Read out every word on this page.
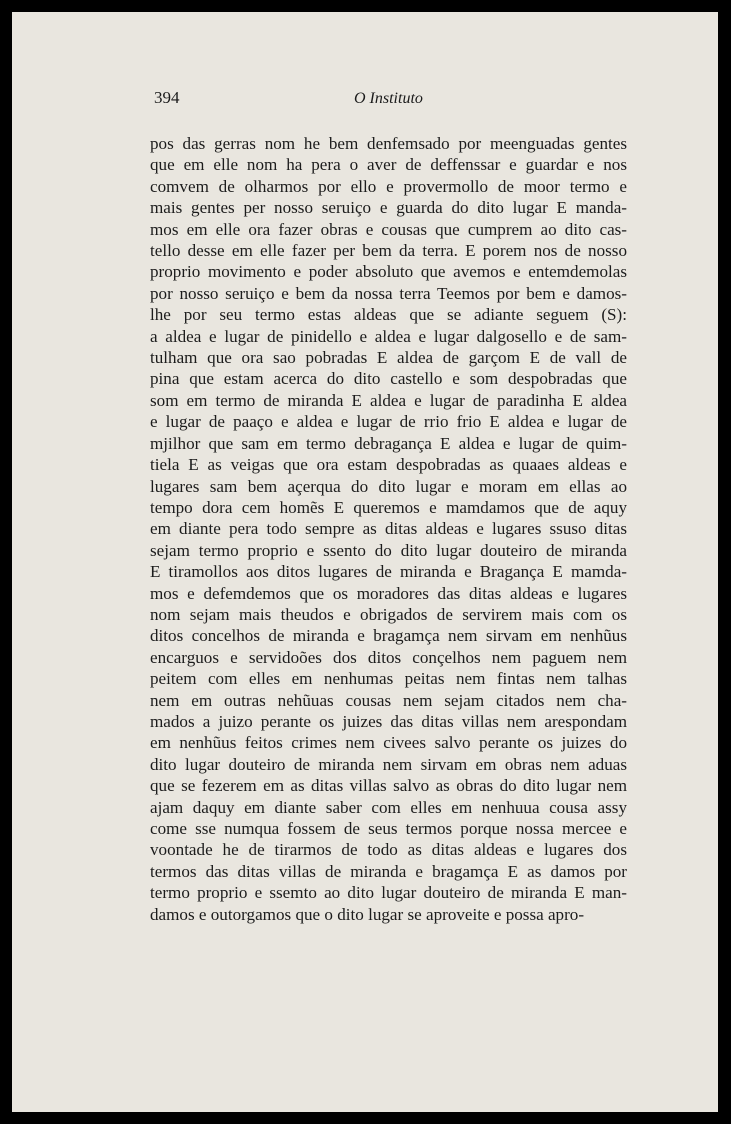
394	O Instituto
pos das gerras nom he bem denfemsado por meenguadas gentes
que em elle nom ha pera o aver de deffenssar e guardar e nos
comvem de olharmos por ello e provermollo de moor termo e
mais gentes per nosso seruiço e guarda do dito lugar E manda-
mos em elle ora fazer obras e cousas que cumprem ao dito cas-
tello desse em elle fazer per bem da terra. E porem nos de nosso
proprio movimento e poder absoluto que avemos e entemdemolas
por nosso seruiço e bem da nossa terra Teemos por bem e damos-
lhe por seu termo estas aldeas que se adiante seguem (S):
a aldea e lugar de pinidello e aldea e lugar dalgosello e de sam-
tulham que ora sao pobradas E aldea de garçom E de vall de
pina que estam acerca do dito castello e som despobradas que
som em termo de miranda E aldea e lugar de paradinha E aldea
e lugar de paaço e aldea e lugar de rrio frio E aldea e lugar de
mjilhor que sam em termo debragança E aldea e lugar de quim-
tiela E as veigas que ora estam despobradas as quaaes aldeas e
lugares sam bem açerqua do dito lugar e moram em ellas ao
tempo dora cem homẽs E queremos e mamdamos que de aquy
em diante pera todo sempre as ditas aldeas e lugares ssuso ditas
sejam termo proprio e ssento do dito lugar douteiro de miranda
E tiramollos aos ditos lugares de miranda e Bragança E mamda-
mos e defemdemos que os moradores das ditas aldeas e lugares
nom sejam mais theudos e obrigados de servirem mais com os
ditos concelhos de miranda e bragamça nem sirvam em nenhũus
encarguos e servidoões dos ditos conçelhos nem paguem nem
peitem com elles em nenhumas peitas nem fintas nem talhas
nem em outras nehũuas cousas nem sejam citados nem cha-
mados a juizo perante os juizes das ditas villas nem arespondam
em nenhũus feitos crimes nem civees salvo perante os juizes do
dito lugar douteiro de miranda nem sirvam em obras nem aduas
que se fezerem em as ditas villas salvo as obras do dito lugar nem
ajam daquy em diante saber com elles em nenhuua cousa assy
come sse numqua fossem de seus termos porque nossa mercee e
voontade he de tirarmos de todo as ditas aldeas e lugares dos
termos das ditas villas de miranda e bragamça E as damos por
termo proprio e ssemto ao dito lugar douteiro de miranda E man-
damos e outorgamos que o dito lugar se aproveite e possa apro-
